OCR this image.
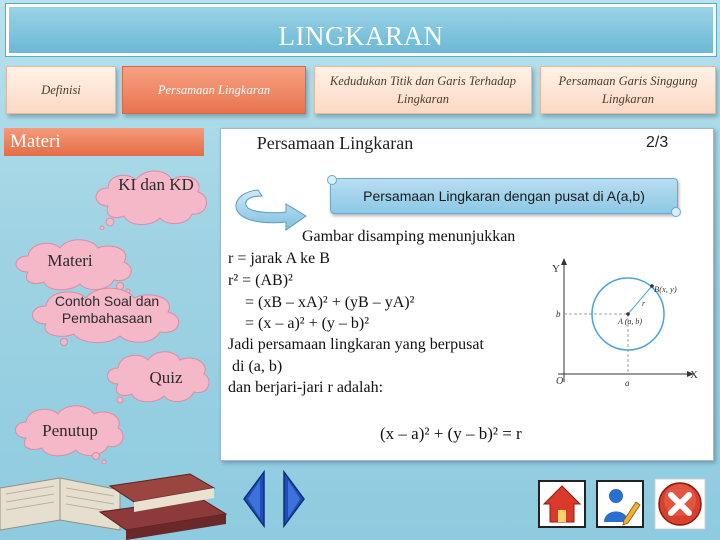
LINGKARAN
Definisi	Persamaan Lingkaran
Kedudukan Titik dan Garis Terhadap Lingkaran
Persamaan Garis Singgung Lingkaran
Materi	Persamaan Lingkaran	2/3
Persamaan Lingkaran dengan pusat di A(a,b)
Gambar disamping menunjukkan
r = jarak A ke B
r² = (AB)²
= (xB – xA)² + (yB – yA)²
= (x – a)² + (y – b)²
Jadi persamaan lingkaran yang berpusat
di (a, b)
dan berjari-jari r adalah:
(x – a)² + (y – b)² = r
Y
X
O
B(x, y)
A (a, b)
b
a
r
KI dan KD
Materi
Contoh Soal dan Pembahasaan
Quiz
Penutup
